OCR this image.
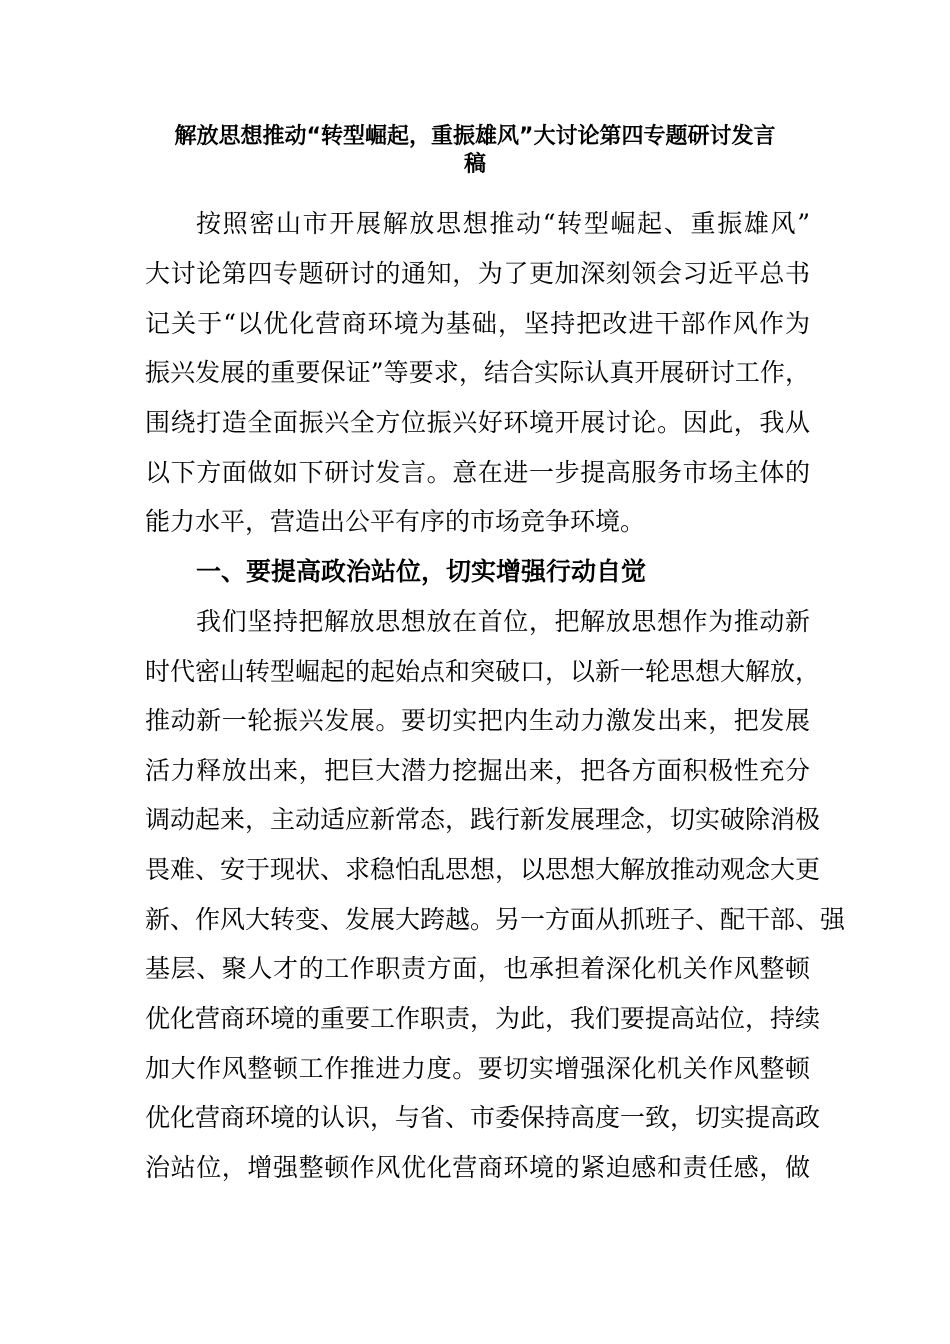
解放思想推动“转型崛起，重振雄风”大讨论第四专题研讨发言
稿
按照密山市开展解放思想推动“转型崛起、重振雄风”
大讨论第四专题研讨的通知，为了更加深刻领会习近平总书
记关于“以优化营商环境为基础，坚持把改进干部作风作为
振兴发展的重要保证”等要求，结合实际认真开展研讨工作，
围绕打造全面振兴全方位振兴好环境开展讨论。因此，我从
以下方面做如下研讨发言。意在进一步提高服务市场主体的
能力水平，营造出公平有序的市场竞争环境。
一、要提高政治站位，切实增强行动自觉
我们坚持把解放思想放在首位，把解放思想作为推动新
时代密山转型崛起的起始点和突破口，以新一轮思想大解放，
推动新一轮振兴发展。要切实把内生动力激发出来，把发展
活力释放出来，把巨大潜力挖掘出来，把各方面积极性充分
调动起来，主动适应新常态，践行新发展理念，切实破除消极
畏难、安于现状、求稳怕乱思想，以思想大解放推动观念大更
新、作风大转变、发展大跨越。另一方面从抓班子、配干部、强
基层、聚人才的工作职责方面，也承担着深化机关作风整顿
优化营商环境的重要工作职责，为此，我们要提高站位，持续
加大作风整顿工作推进力度。要切实增强深化机关作风整顿
优化营商环境的认识，与省、市委保持高度一致，切实提高政
治站位，增强整顿作风优化营商环境的紧迫感和责任感，做
